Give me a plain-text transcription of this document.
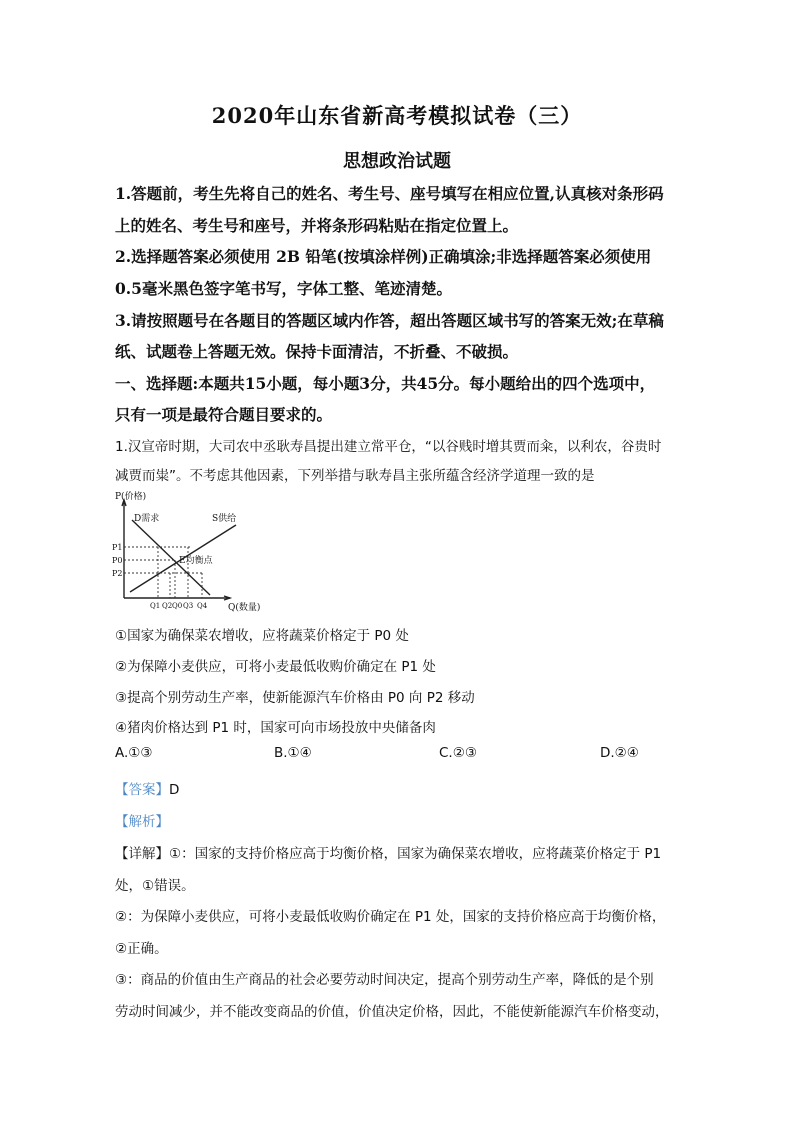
2020年山东省新高考模拟试卷（三）
思想政治试题
1.答题前，考生先将自己的姓名、考生号、座号填写在相应位置,认真核对条形码
上的姓名、考生号和座号，并将条形码粘贴在指定位置上。
2.选择题答案必须使用 2B 铅笔(按填涂样例)正确填涂;非选择题答案必须使用
0.5毫米黑色签字笔书写，字体工整、笔迹清楚。
3.请按照题号在各题目的答题区域内作答，超出答题区域书写的答案无效;在草稿
纸、试题卷上答题无效。保持卡面清洁，不折叠、不破损。
一、选择题:本题共15小题，每小题3分，共45分。每小题给出的四个选项中，
只有一项是最符合题目要求的。
1.汉宣帝时期，大司农中丞耿寿昌提出建立常平仓，“以谷贱时增其贾而籴，以利农，谷贵时
减贾而粜”。不考虑其他因素，下列举措与耿寿昌主张所蕴含经济学道理一致的是
P(价格)
Q(数量)
D需求	S供给
E均衡点
P1
P0
P2
Q1 Q2 Q0 Q3 Q4
①国家为确保菜农增收，应将蔬菜价格定于 P0 处
②为保障小麦供应，可将小麦最低收购价确定在 P1 处
③提高个别劳动生产率，使新能源汽车价格由 P0 向 P2 移动
④猪肉价格达到 P1 时，国家可向市场投放中央储备肉
A.①③	B.①④	C.②③	D.②④
【答案】D
【解析】
【详解】①：国家的支持价格应高于均衡价格，国家为确保菜农增收，应将蔬菜价格定于 P1
处，①错误。
②：为保障小麦供应，可将小麦最低收购价确定在 P1 处，国家的支持价格应高于均衡价格，
②正确。
③：商品的价值由生产商品的社会必要劳动时间决定，提高个别劳动生产率，降低的是个别
劳动时间减少，并不能改变商品的价值，价值决定价格，因此，不能使新能源汽车价格变动，
